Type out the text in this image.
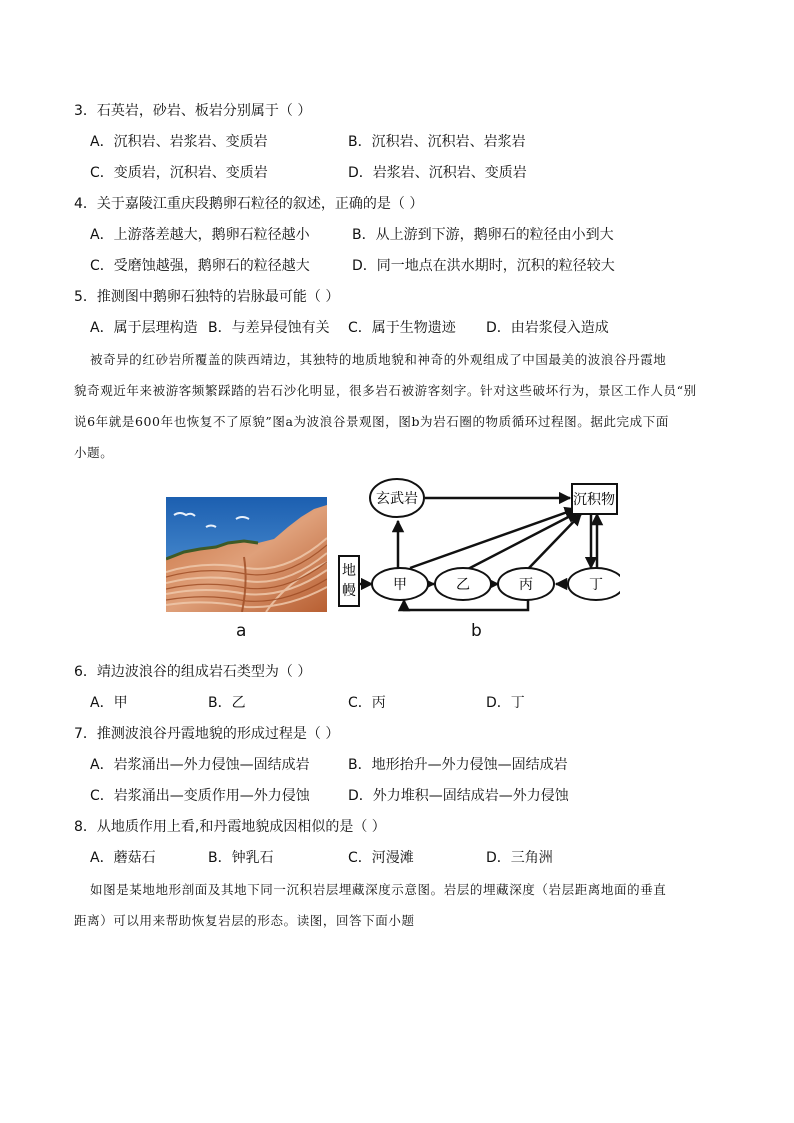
3．石英岩，砂岩、板岩分别属于（ ）
A．沉积岩、岩浆岩、变质岩	B．沉积岩、沉积岩、岩浆岩
C．变质岩，沉积岩、变质岩	D．岩浆岩、沉积岩、变质岩
4．关于嘉陵江重庆段鹅卵石粒径的叙述，正确的是（ ）
A．上游落差越大，鹅卵石粒径越小	B．从上游到下游，鹅卵石的粒径由小到大
C．受磨蚀越强，鹅卵石的粒径越大	D．同一地点在洪水期时，沉积的粒径较大
5．推测图中鹅卵石独特的岩脉最可能（ ）
A．属于层理构造 B．与差异侵蚀有关 C．属于生物遗迹 D．由岩浆侵入造成
被奇异的红砂岩所覆盖的陕西靖边，其独特的地质地貌和神奇的外观组成了中国最美的波浪谷丹霞地
貌奇观近年来被游客频繁踩踏的岩石沙化明显，很多岩石被游客刻字。针对这些破坏行为，景区工作人员“别
说6年就是600年也恢复不了原貌”图a为波浪谷景观图，图b为岩石圈的物质循环过程图。据此完成下面
小题。
a
地
幔
玄武岩	沉积物
甲	乙	丙	丁
b
6．靖边波浪谷的组成岩石类型为（ ）
A．甲	B．乙	C．丙	D．丁
7．推测波浪谷丹霞地貌的形成过程是（ ）
A．岩浆涌出—外力侵蚀—固结成岩	B．地形抬升—外力侵蚀—固结成岩
C．岩浆涌出—变质作用—外力侵蚀	D．外力堆积—固结成岩—外力侵蚀
8．从地质作用上看,和丹霞地貌成因相似的是（ ）
A．蘑菇石	B．钟乳石	C．河漫滩	D．三角洲
如图是某地地形剖面及其地下同一沉积岩层埋藏深度示意图。岩层的埋藏深度（岩层距离地面的垂直
距离）可以用来帮助恢复岩层的形态。读图，回答下面小题
